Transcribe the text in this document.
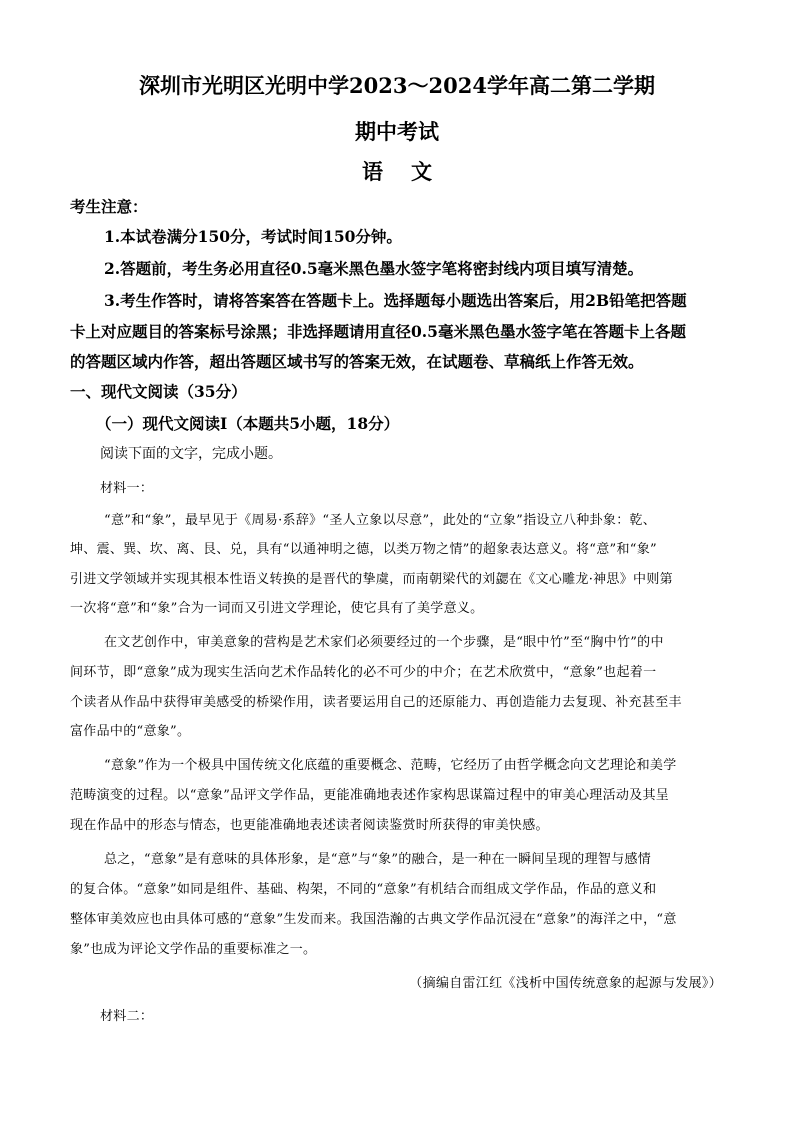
深圳市光明区光明中学2023～2024学年高二第二学期
期中考试
语文
考生注意：
1.本试卷满分150分，考试时间150分钟。
2.答题前，考生务必用直径0.5毫米黑色墨水签字笔将密封线内项目填写清楚。
3.考生作答时，请将答案答在答题卡上。选择题每小题选出答案后，用2B铅笔把答题
卡上对应题目的答案标号涂黑；非选择题请用直径0.5毫米黑色墨水签字笔在答题卡上各题
的答题区域内作答，超出答题区域书写的答案无效，在试题卷、草稿纸上作答无效。
一、现代文阅读（35分）
（一）现代文阅读Ⅰ（本题共5小题，18分）
阅读下面的文字，完成小题。
材料一：
“意”和“象”，最早见于《周易·系辞》“圣人立象以尽意”，此处的“立象”指设立八种卦象：乾、
坤、震、巽、坎、离、艮、兑，具有“以通神明之德，以类万物之情”的超象表达意义。将“意”和“象”
引进文学领域并实现其根本性语义转换的是晋代的挚虞，而南朝梁代的刘勰在《文心雕龙·神思》中则第
一次将“意”和“象”合为一词而又引进文学理论，使它具有了美学意义。
在文艺创作中，审美意象的营构是艺术家们必须要经过的一个步骤，是“眼中竹”至“胸中竹”的中
间环节，即“意象”成为现实生活向艺术作品转化的必不可少的中介；在艺术欣赏中，“意象”也起着一
个读者从作品中获得审美感受的桥梁作用，读者要运用自己的还原能力、再创造能力去复现、补充甚至丰
富作品中的“意象”。
“意象”作为一个极具中国传统文化底蕴的重要概念、范畴，它经历了由哲学概念向文艺理论和美学
范畴演变的过程。以“意象”品评文学作品，更能准确地表述作家构思谋篇过程中的审美心理活动及其呈
现在作品中的形态与情态，也更能准确地表述读者阅读鉴赏时所获得的审美快感。
总之，“意象”是有意味的具体形象，是“意”与“象”的融合，是一种在一瞬间呈现的理智与感情
的复合体。“意象”如同是组件、基础、构架，不同的“意象”有机结合而组成文学作品，作品的意义和
整体审美效应也由具体可感的“意象”生发而来。我国浩瀚的古典文学作品沉浸在“意象”的海洋之中，“意
象”也成为评论文学作品的重要标准之一。
（摘编自雷江红《浅析中国传统意象的起源与发展》）
材料二：
